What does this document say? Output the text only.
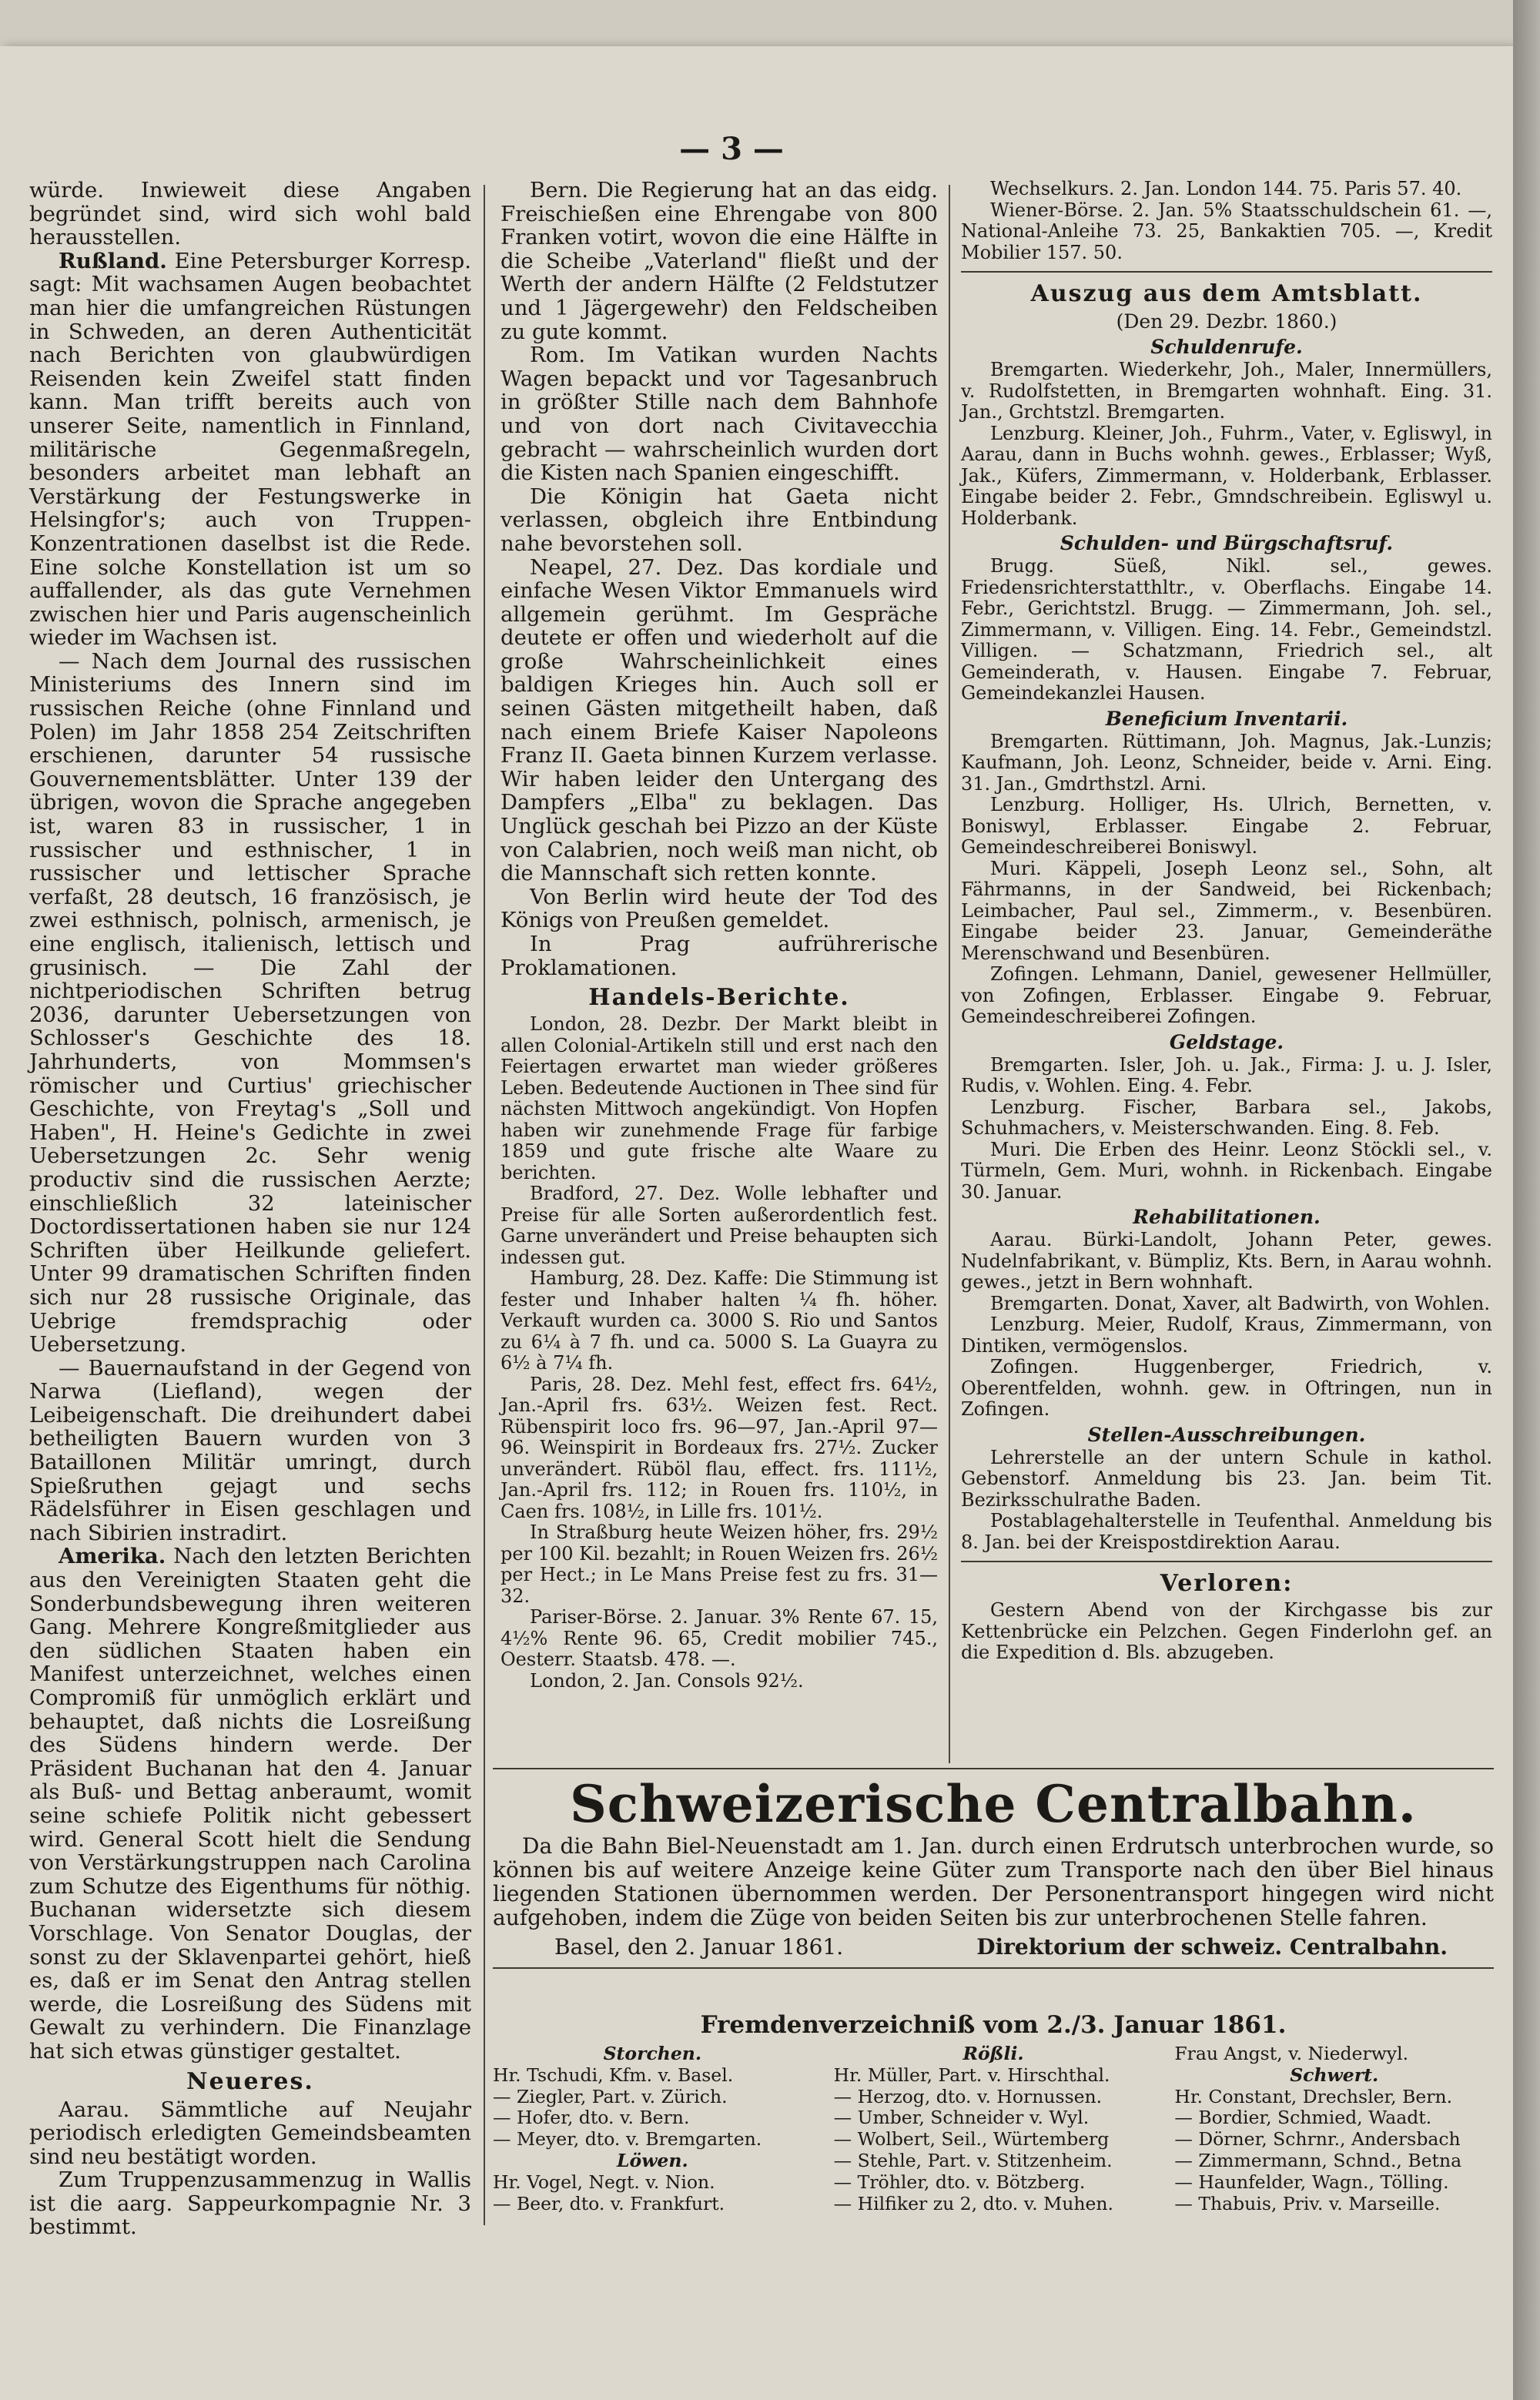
— 3 —

würde. Inwieweit diese Angaben begründet sind, wird sich wohl bald herausstellen.

Rußland. Eine Petersburger Korresp. sagt: Mit wachsamen Augen beobachtet man hier die umfangreichen Rüstungen in Schweden, an deren Authenticität nach Berichten von glaubwürdigen Reisenden kein Zweifel statt finden kann. Man trifft bereits auch von unserer Seite, namentlich in Finnland, militärische Gegenmaßregeln, besonders arbeitet man lebhaft an Verstärkung der Festungswerke in Helsingfor's; auch von Truppen-Konzentrationen daselbst ist die Rede. Eine solche Konstellation ist um so auffallender, als das gute Vernehmen zwischen hier und Paris augenscheinlich wieder im Wachsen ist.

— Nach dem Journal des russischen Ministeriums des Innern sind im russischen Reiche (ohne Finnland und Polen) im Jahr 1858 254 Zeitschriften erschienen, darunter 54 russische Gouvernementsblätter. Unter 139 der übrigen, wovon die Sprache angegeben ist, waren 83 in russischer, 1 in russischer und esthnischer, 1 in russischer und lettischer Sprache verfaßt, 28 deutsch, 16 französisch, je zwei esthnisch, polnisch, armenisch, je eine englisch, italienisch, lettisch und grusinisch. — Die Zahl der nichtperiodischen Schriften betrug 2036, darunter Uebersetzungen von Schlosser's Geschichte des 18. Jahrhunderts, von Mommsen's römischer und Curtius' griechischer Geschichte, von Freytag's „Soll und Haben", H. Heine's Gedichte in zwei Uebersetzungen 2c. Sehr wenig productiv sind die russischen Aerzte; einschließlich 32 lateinischer Doctordissertationen haben sie nur 124 Schriften über Heilkunde geliefert. Unter 99 dramatischen Schriften finden sich nur 28 russische Originale, das Uebrige fremdsprachig oder Uebersetzung.

— Bauernaufstand in der Gegend von Narwa (Liefland), wegen der Leibeigenschaft. Die dreihundert dabei betheiligten Bauern wurden von 3 Bataillonen Militär umringt, durch Spießruthen gejagt und sechs Rädelsführer in Eisen geschlagen und nach Sibirien instradirt.

Amerika. Nach den letzten Berichten aus den Vereinigten Staaten geht die Sonderbundsbewegung ihren weiteren Gang. Mehrere Kongreßmitglieder aus den südlichen Staaten haben ein Manifest unterzeichnet, welches einen Compromiß für unmöglich erklärt und behauptet, daß nichts die Losreißung des Südens hindern werde. Der Präsident Buchanan hat den 4. Januar als Buß- und Bettag anberaumt, womit seine schiefe Politik nicht gebessert wird. General Scott hielt die Sendung von Verstärkungstruppen nach Carolina zum Schutze des Eigenthums für nöthig. Buchanan widersetzte sich diesem Vorschlage. Von Senator Douglas, der sonst zu der Sklavenpartei gehört, hieß es, daß er im Senat den Antrag stellen werde, die Losreißung des Südens mit Gewalt zu verhindern. Die Finanzlage hat sich etwas günstiger gestaltet.

Neueres.

Aarau. Sämmtliche auf Neujahr periodisch erledigten Gemeindsbeamten sind neu bestätigt worden.

Zum Truppenzusammenzug in Wallis ist die aarg. Sappeurkompagnie Nr. 3 bestimmt.

Bern. Die Regierung hat an das eidg. Freischießen eine Ehrengabe von 800 Franken votirt, wovon die eine Hälfte in die Scheibe „Vaterland" fließt und der Werth der andern Hälfte (2 Feldstutzer und 1 Jägergewehr) den Feldscheiben zu gute kommt.

Rom. Im Vatikan wurden Nachts Wagen bepackt und vor Tagesanbruch in größter Stille nach dem Bahnhofe und von dort nach Civitavecchia gebracht — wahrscheinlich wurden dort die Kisten nach Spanien eingeschifft.

Die Königin hat Gaeta nicht verlassen, obgleich ihre Entbindung nahe bevorstehen soll.

Neapel, 27. Dez. Das kordiale und einfache Wesen Viktor Emmanuels wird allgemein gerühmt. Im Gespräche deutete er offen und wiederholt auf die große Wahrscheinlichkeit eines baldigen Krieges hin. Auch soll er seinen Gästen mitgetheilt haben, daß nach einem Briefe Kaiser Napoleons Franz II. Gaeta binnen Kurzem verlasse. Wir haben leider den Untergang des Dampfers „Elba" zu beklagen. Das Unglück geschah bei Pizzo an der Küste von Calabrien, noch weiß man nicht, ob die Mannschaft sich retten konnte.

Von Berlin wird heute der Tod des Königs von Preußen gemeldet.

In Prag aufrührerische Proklamationen.

Handels-Berichte.

London, 28. Dezbr. Der Markt bleibt in allen Colonial-Artikeln still und erst nach den Feiertagen erwartet man wieder größeres Leben. Bedeutende Auctionen in Thee sind für nächsten Mittwoch angekündigt. Von Hopfen haben wir zunehmende Frage für farbige 1859 und gute frische alte Waare zu berichten.

Bradford, 27. Dez. Wolle lebhafter und Preise für alle Sorten außerordentlich fest. Garne unverändert und Preise behaupten sich indessen gut.

Hamburg, 28. Dez. Kaffe: Die Stimmung ist fester und Inhaber halten ¼ fh. höher. Verkauft wurden ca. 3000 S. Rio und Santos zu 6¼ à 7 fh. und ca. 5000 S. La Guayra zu 6½ à 7¼ fh.

Paris, 28. Dez. Mehl fest, effect frs. 64½, Jan.-April frs. 63½. Weizen fest. Rect. Rübenspirit loco frs. 96—97, Jan.-April 97—96. Weinspirit in Bordeaux frs. 27½. Zucker unverändert. Rüböl flau, effect. frs. 111½, Jan.-April frs. 112; in Rouen frs. 110½, in Caen frs. 108½, in Lille frs. 101½.

In Straßburg heute Weizen höher, frs. 29½ per 100 Kil. bezahlt; in Rouen Weizen frs. 26½ per Hect.; in Le Mans Preise fest zu frs. 31—32.

Pariser-Börse. 2. Januar. 3% Rente 67. 15, 4½% Rente 96. 65, Credit mobilier 745., Oesterr. Staatsb. 478. —.

London, 2. Jan. Consols 92½.

Wechselkurs. 2. Jan. London 144. 75. Paris 57. 40.

Wiener-Börse. 2. Jan. 5% Staatsschuldschein 61. —, National-Anleihe 73. 25, Bankaktien 705. —, Kredit Mobilier 157. 50.

Auszug aus dem Amtsblatt.
(Den 29. Dezbr. 1860.)
Schuldenrufe.

Bremgarten. Wiederkehr, Joh., Maler, Innermüllers, v. Rudolfstetten, in Bremgarten wohnhaft. Eing. 31. Jan., Grchtstzl. Bremgarten.

Lenzburg. Kleiner, Joh., Fuhrm., Vater, v. Egliswyl, in Aarau, dann in Buchs wohnh. gewes., Erblasser; Wyß, Jak., Küfers, Zimmermann, v. Holderbank, Erblasser. Eingabe beider 2. Febr., Gmndschreibein. Egliswyl u. Holderbank.

Schulden- und Bürgschaftsruf.

Brugg. Süeß, Nikl. sel., gewes. Friedensrichterstatthltr., v. Oberflachs. Eingabe 14. Febr., Gerichtstzl. Brugg. — Zimmermann, Joh. sel., Zimmermann, v. Villigen. Eing. 14. Febr., Gemeindstzl. Villigen. — Schatzmann, Friedrich sel., alt Gemeinderath, v. Hausen. Eingabe 7. Februar, Gemeindekanzlei Hausen.

Beneficium Inventarii.

Bremgarten. Rüttimann, Joh. Magnus, Jak.-Lunzis; Kaufmann, Joh. Leonz, Schneider, beide v. Arni. Eing. 31. Jan., Gmdrthstzl. Arni.

Lenzburg. Holliger, Hs. Ulrich, Bernetten, v. Boniswyl, Erblasser. Eingabe 2. Februar, Gemeindeschreiberei Boniswyl.

Muri. Käppeli, Joseph Leonz sel., Sohn, alt Fährmanns, in der Sandweid, bei Rickenbach; Leimbacher, Paul sel., Zimmerm., v. Besenbüren. Eingabe beider 23. Januar, Gemeinderäthe Merenschwand und Besenbüren.

Zofingen. Lehmann, Daniel, gewesener Hellmüller, von Zofingen, Erblasser. Eingabe 9. Februar, Gemeindeschreiberei Zofingen.

Geldstage.

Bremgarten. Isler, Joh. u. Jak., Firma: J. u. J. Isler, Rudis, v. Wohlen. Eing. 4. Febr.

Lenzburg. Fischer, Barbara sel., Jakobs, Schuhmachers, v. Meisterschwanden. Eing. 8. Feb.

Muri. Die Erben des Heinr. Leonz Stöckli sel., v. Türmeln, Gem. Muri, wohnh. in Rickenbach. Eingabe 30. Januar.

Rehabilitationen.

Aarau. Bürki-Landolt, Johann Peter, gewes. Nudelnfabrikant, v. Bümpliz, Kts. Bern, in Aarau wohnh. gewes., jetzt in Bern wohnhaft.

Bremgarten. Donat, Xaver, alt Badwirth, von Wohlen.

Lenzburg. Meier, Rudolf, Kraus, Zimmermann, von Dintiken, vermögenslos.

Zofingen. Huggenberger, Friedrich, v. Oberentfelden, wohnh. gew. in Oftringen, nun in Zofingen.

Stellen-Ausschreibungen.

Lehrerstelle an der untern Schule in kathol. Gebenstorf. Anmeldung bis 23. Jan. beim Tit. Bezirksschulrathe Baden.

Postablagehalterstelle in Teufenthal. Anmeldung bis 8. Jan. bei der Kreispostdirektion Aarau.

Verloren:

Gestern Abend von der Kirchgasse bis zur Kettenbrücke ein Pelzchen. Gegen Finderlohn gef. an die Expedition d. Bls. abzugeben.

Schweizerische Centralbahn.

Da die Bahn Biel-Neuenstadt am 1. Jan. durch einen Erdrutsch unterbrochen wurde, so können bis auf weitere Anzeige keine Güter zum Transporte nach den über Biel hinaus liegenden Stationen übernommen werden. Der Personentransport hingegen wird nicht aufgehoben, indem die Züge von beiden Seiten bis zur unterbrochenen Stelle fahren.

Basel, den 2. Januar 1861.	Direktorium der schweiz. Centralbahn.
Fremdenverzeichniß vom 2./3. Januar 1861.
Storchen.
Hr. Tschudi, Kfm. v. Basel.
— Ziegler, Part. v. Zürich.
— Hofer, dto. v. Bern.
— Meyer, dto. v. Bremgarten.
Löwen.
Hr. Vogel, Negt. v. Nion.
— Beer, dto. v. Frankfurt.
Rößli.
Hr. Müller, Part. v. Hirschthal.
— Herzog, dto. v. Hornussen.
— Umber, Schneider v. Wyl.
— Wolbert, Seil., Würtemberg
— Stehle, Part. v. Stitzenheim.
— Tröhler, dto. v. Bötzberg.
— Hilfiker zu 2, dto. v. Muhen.
Frau Angst, v. Niederwyl.
Schwert.
Hr. Constant, Drechsler, Bern.
— Bordier, Schmied, Waadt.
— Dörner, Schrnr., Andersbach
— Zimmermann, Schnd., Betna
— Haunfelder, Wagn., Tölling.
— Thabuis, Priv. v. Marseille.
